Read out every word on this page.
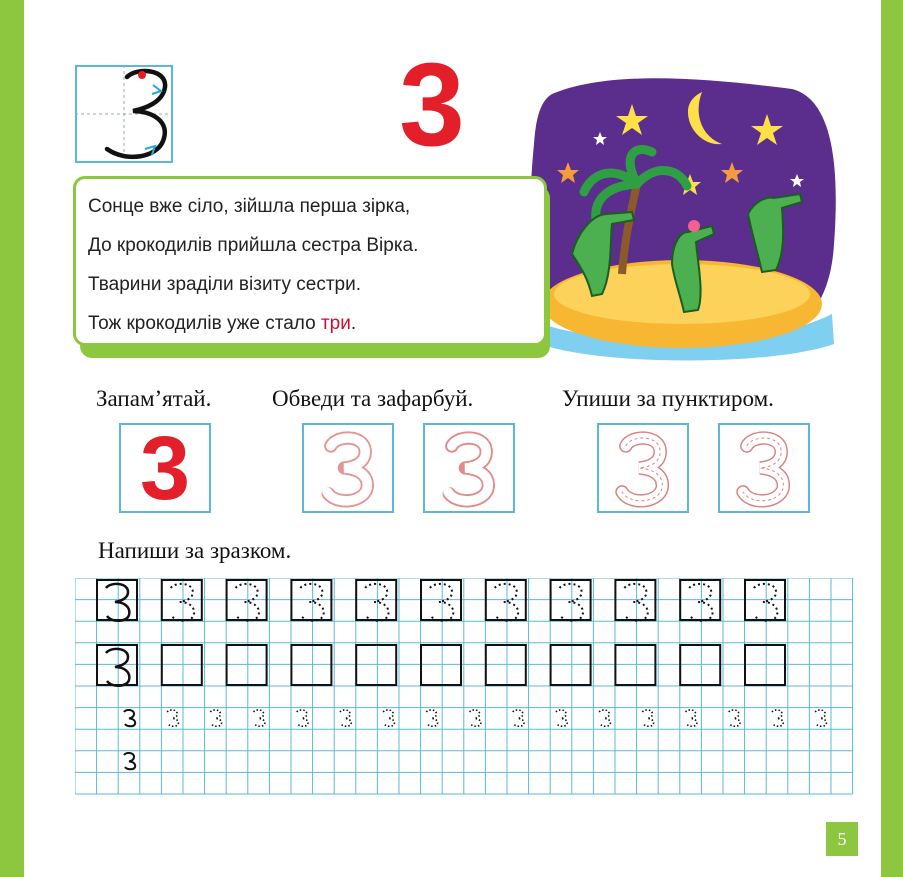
3
Сонце вже сіло, зійшла перша зірка,
До крокодилів прийшла сестра Вірка.
Тварини зраділи візиту сестри.
Тож крокодилів уже стало три.
Запам’ятай.	Обведи та зафарбуй.	Упиши за пунктиром.
3
Напиши за зразком.
5
